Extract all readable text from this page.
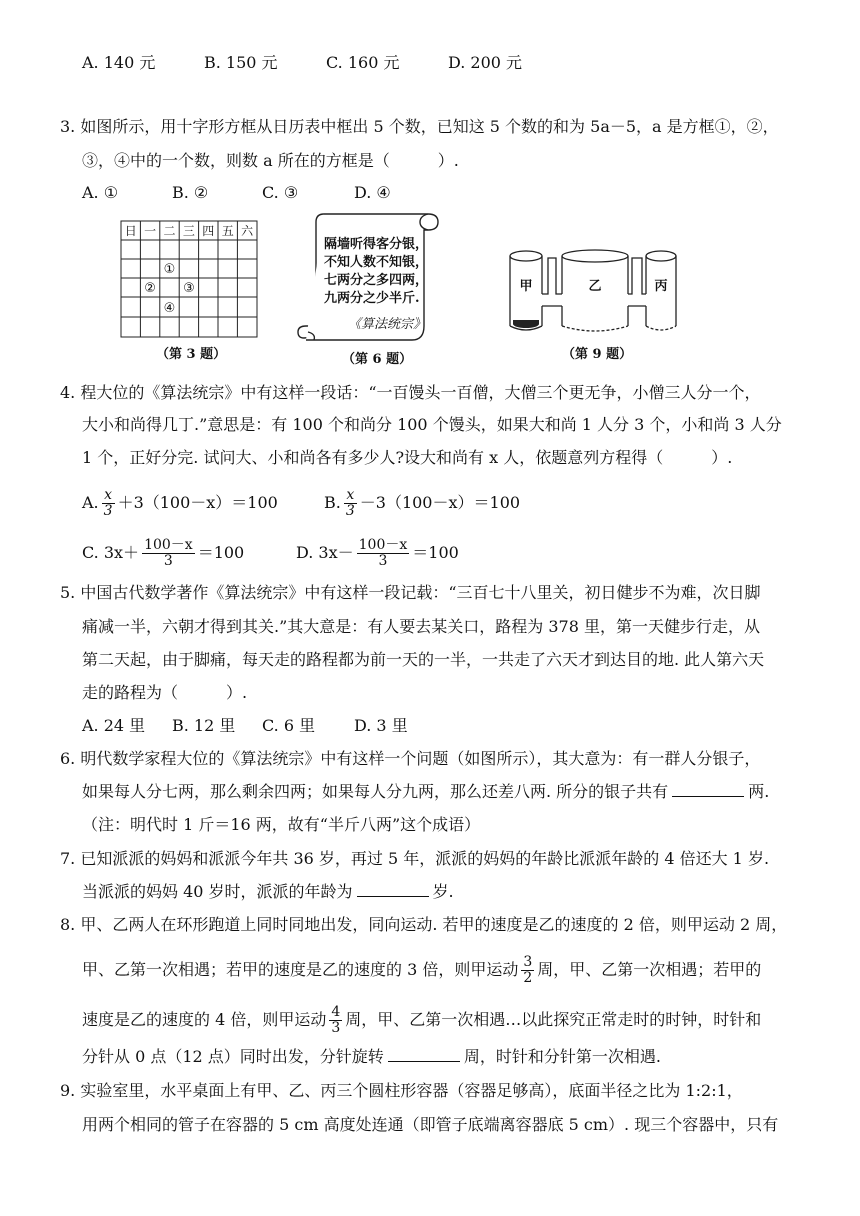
A. 140 元	B. 150 元	C. 160 元	D. 200 元
3. 如图所示，用十字形方框从日历表中框出 5 个数，已知这 5 个数的和为 5a－5，a 是方框①，②，
③，④中的一个数，则数 a 所在的方框是（　　　）.
A. ①	B. ②	C. ③	D. ④
日 一 二 三 四 五 六
①
② ③
④
（第 3 题）
隔墙听得客分银，
不知人数不知银，
七两分之多四两，
九两分之少半斤.
《算法统宗》
（第 6 题）
甲	乙	丙
（第 9 题）
4. 程大位的《算法统宗》中有这样一段话：“一百馒头一百僧，大僧三个更无争，小僧三人分一个，
大小和尚得几丁.”意思是：有 100 个和尚分 100 个馒头，如果大和尚 1 人分 3 个，小和尚 3 人分
1 个，正好分完. 试问大、小和尚各有多少人?设大和尚有 x 人，依题意列方程得（　　　）.
A. $\frac{x}{3} +3(100-x)=100$	B. $\frac{x}{3} -3(100-x)=100$
C. $3x+ \frac{100-x}{3} =100$	D. $3x- \frac{100-x}{3} =100$
5. 中国古代数学著作《算法统宗》中有这样一段记载：“三百七十八里关，初日健步不为难，次日脚
痛减一半，六朝才得到其关.”其大意是：有人要去某关口，路程为 378 里，第一天健步行走，从
第二天起，由于脚痛，每天走的路程都为前一天的一半，一共走了六天才到达目的地. 此人第六天
走的路程为（　　　）.
A. 24 里 B. 12 里 C. 6 里 D. 3 里
6. 明代数学家程大位的《算法统宗》中有这样一个问题（如图所示），其大意为：有一群人分银子，
如果每人分七两，那么剩余四两；如果每人分九两，那么还差八两. 所分的银子共有	两.
（注：明代时 1 斤＝16 两，故有“半斤八两”这个成语）
7. 已知派派的妈妈和派派今年共 36 岁，再过 5 年，派派的妈妈的年龄比派派年龄的 4 倍还大 1 岁.
当派派的妈妈 40 岁时，派派的年龄为	岁.
8. 甲、乙两人在环形跑道上同时同地出发，同向运动. 若甲的速度是乙的速度的 2 倍，则甲运动 2 周，
甲、乙第一次相遇；若甲的速度是乙的速度的 3 倍，则甲运动 $\frac{3}{2}$ 周，甲、乙第一次相遇；若甲的
速度是乙的速度的 4 倍，则甲运动 $\frac{4}{3}$ 周，甲、乙第一次相遇…以此探究正常走时的时钟，时针和
分针从 0 点（12 点）同时出发，分针旋转	周，时针和分针第一次相遇.
9. 实验室里，水平桌面上有甲、乙、丙三个圆柱形容器（容器足够高），底面半径之比为 1:2:1，
用两个相同的管子在容器的 5 cm 高度处连通（即管子底端离容器底 5 cm）. 现三个容器中，只有
